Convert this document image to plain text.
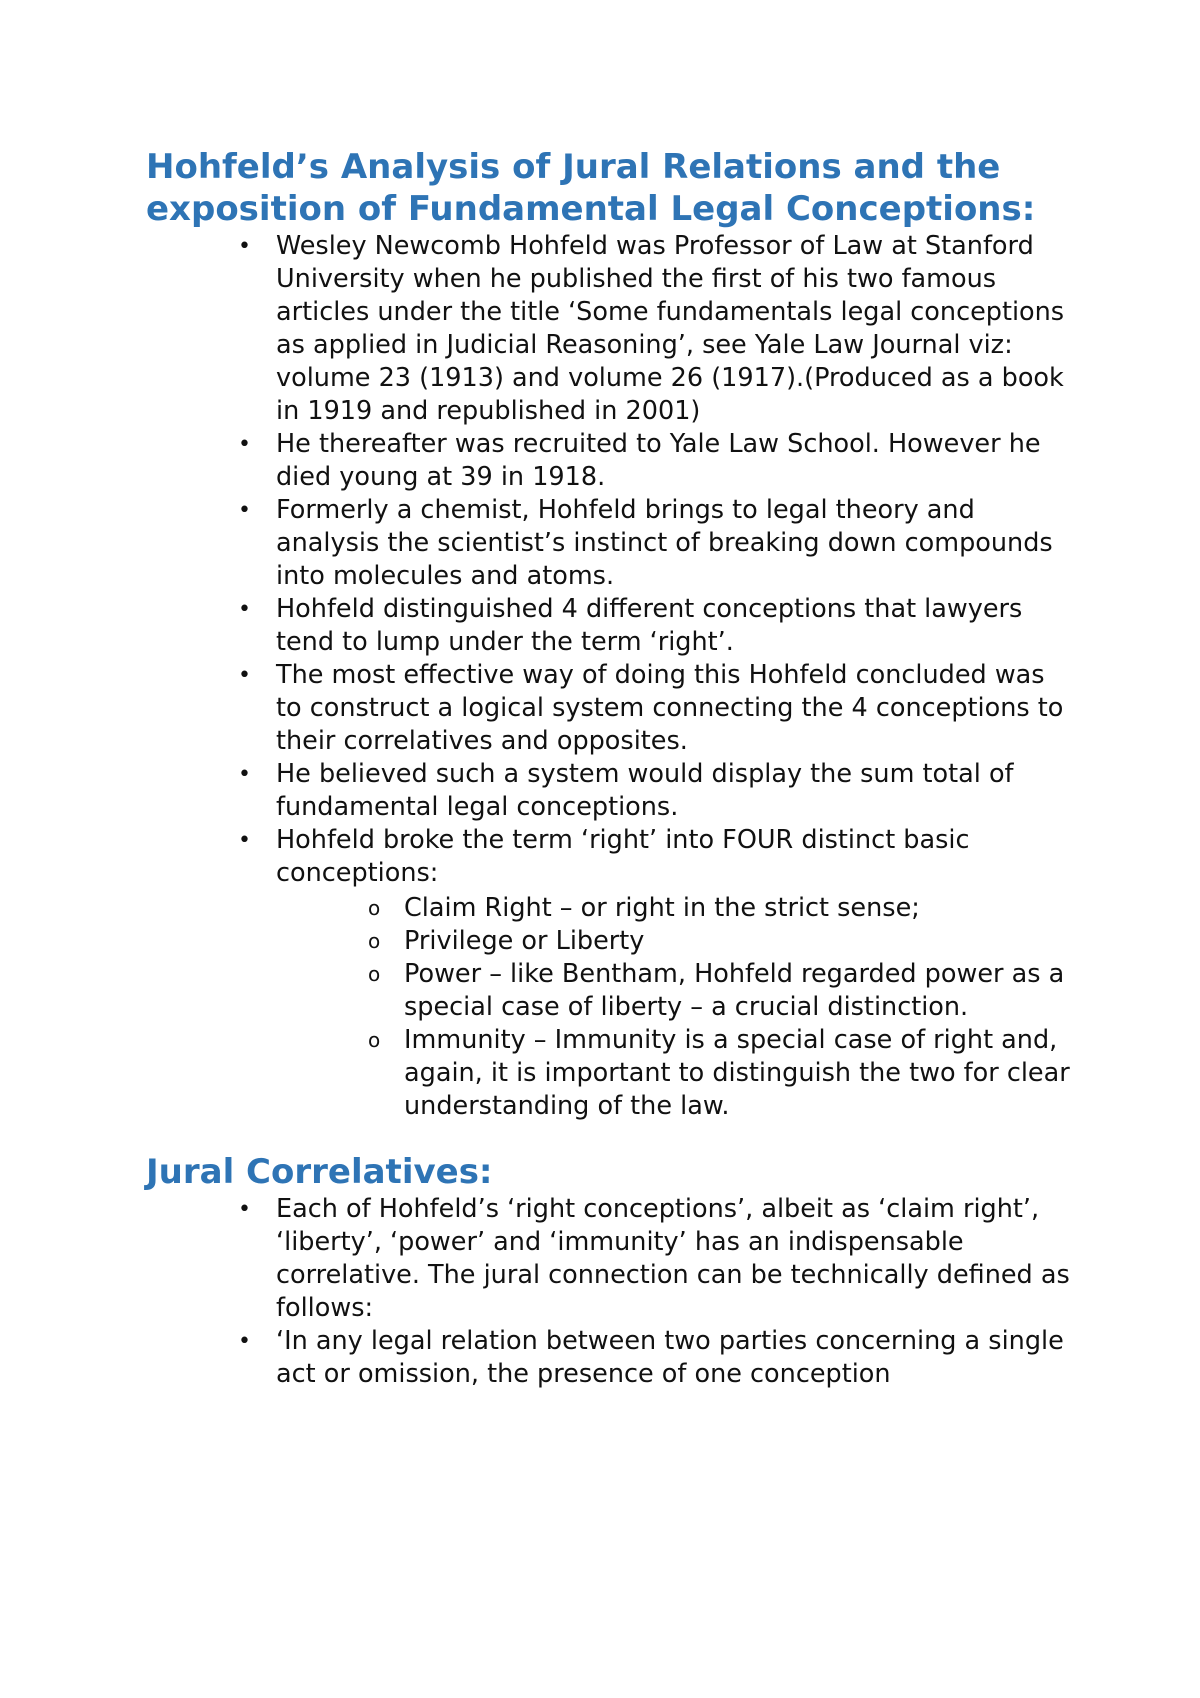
Hohfeld’s Analysis of Jural Relations and the exposition of Fundamental Legal Conceptions:
• Wesley Newcomb Hohfeld was Professor of Law at Stanford University when he published the first of his two famous articles under the title ‘Some fundamentals legal conceptions as applied in Judicial Reasoning’, see Yale Law Journal viz: volume 23 (1913) and volume 26 (1917).(Produced as a book in 1919 and republished in 2001)
• He thereafter was recruited to Yale Law School. However he died young at 39 in 1918.
• Formerly a chemist, Hohfeld brings to legal theory and analysis the scientist’s instinct of breaking down compounds into molecules and atoms.
• Hohfeld distinguished 4 different conceptions that lawyers tend to lump under the term ‘right’.
• The most effective way of doing this Hohfeld concluded was to construct a logical system connecting the 4 conceptions to their correlatives and opposites.
• He believed such a system would display the sum total of fundamental legal conceptions.
• Hohfeld broke the term ‘right’ into FOUR distinct basic conceptions:
o Claim Right – or right in the strict sense;
o Privilege or Liberty
o Power – like Bentham, Hohfeld regarded power as a special case of liberty – a crucial distinction.
o Immunity – Immunity is a special case of right and, again, it is important to distinguish the two for clear understanding of the law.
Jural Correlatives:
• Each of Hohfeld’s ‘right conceptions’, albeit as ‘claim right’, ‘liberty’, ‘power’ and ‘immunity’ has an indispensable correlative. The jural connection can be technically defined as follows:
• ‘In any legal relation between two parties concerning a single act or omission, the presence of one conception
